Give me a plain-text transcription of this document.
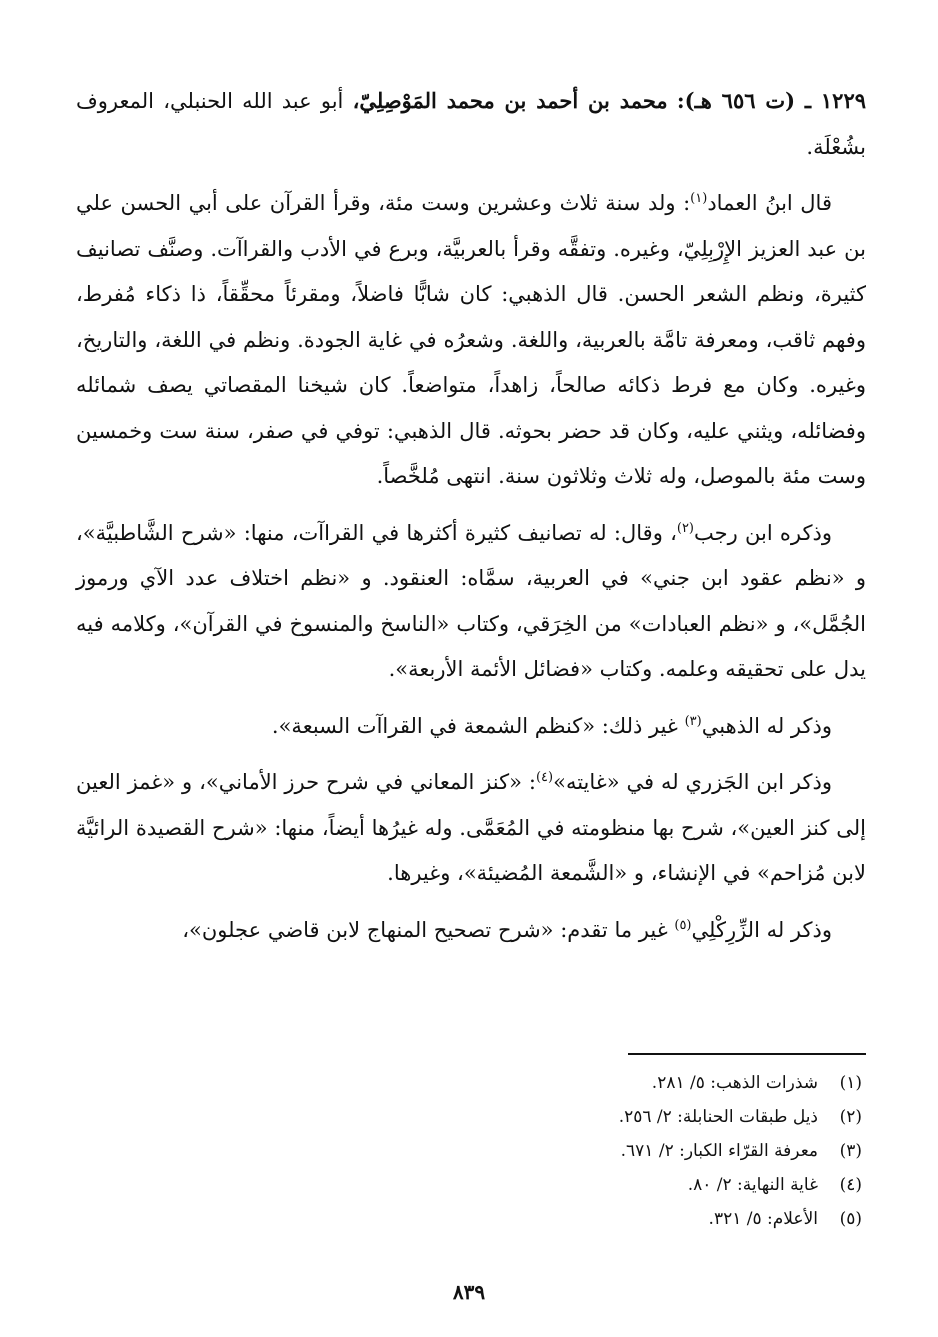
١٢٢٩ ـ (ت ٦٥٦ هـ): محمد بن أحمد بن محمد المَوْصِلِيّ، أبو عبد الله الحنبلي، المعروف بشُعْلَة.

قال ابنُ العماد$^{(١)}$: ولد سنة ثلاث وعشرين وست مئة، وقرأ القرآن على أبي الحسن علي بن عبد العزيز الإِرْبِلِيّ، وغيره. وتفقَّه وقرأ بالعربيَّة، وبرع في الأدب والقراآت. وصنَّف تصانيف كثيرة، ونظم الشعر الحسن. قال الذهبي: كان شابًّا فاضلاً، ومقرئاً محقِّقاً، ذا ذكاء مُفرط، وفهم ثاقب، ومعرفة تامَّة بالعربية، واللغة. وشعرُه في غاية الجودة. ونظم في اللغة، والتاريخ، وغيره. وكان مع فرط ذكائه صالحاً، زاهداً، متواضعاً. كان شيخنا المقصاتي يصف شمائله وفضائله، ويثني عليه، وكان قد حضر بحوثه. قال الذهبي: توفي في صفر، سنة ست وخمسين وست مئة بالموصل، وله ثلاث وثلاثون سنة. انتهى مُلخَّصاً.

وذكره ابن رجب$^{(٢)}$، وقال: له تصانيف كثيرة أكثرها في القراآت، منها: «شرح الشَّاطبيَّة»، و «نظم عقود ابن جني» في العربية، سمَّاه: العنقود. و «نظم اختلاف عدد الآي ورموز الجُمَّل»، و «نظم العبادات» من الخِرَقي، وكتاب «الناسخ والمنسوخ في القرآن»، وكلامه فيه يدل على تحقيقه وعلمه. وكتاب «فضائل الأئمة الأربعة».

وذكر له الذهبي$^{(٣)}$ غير ذلك: «كنظم الشمعة في القراآت السبعة».

وذكر ابن الجَزري له في «غايته»$^{(٤)}$: «كنز المعاني في شرح حرز الأماني»، و «غمز العين إلى كنز العين»، شرح بها منظومته في المُعَمَّى. وله غيرُها أيضاً، منها: «شرح القصيدة الرائيَّة لابن مُزاحم» في الإنشاء، و «الشَّمعة المُضيئة»، وغيرها.

وذكر له الزِّرِكْلِي$^{(٥)}$ غير ما تقدم: «شرح تصحيح المنهاج لابن قاضي عجلون»،

(١)شذرات الذهب: ٥/ ٢٨١.
(٢)ذيل طبقات الحنابلة: ٢/ ٢٥٦.
(٣)معرفة القرّاء الكبار: ٢/ ٦٧١.
(٤)غاية النهاية: ٢/ ٨٠.
(٥)الأعلام: ٥/ ٣٢١.
٨٣٩
